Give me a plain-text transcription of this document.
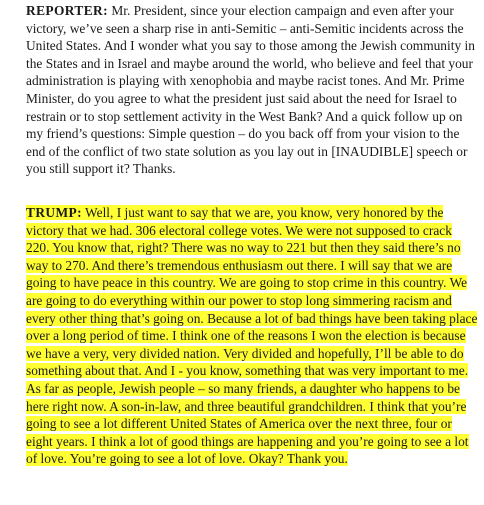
REPORTER: Mr. President, since your election campaign and even after your victory, we’ve seen a sharp rise in anti-Semitic – anti-Semitic incidents across the United States. And I wonder what you say to those among the Jewish community in the States and in Israel and maybe around the world, who believe and feel that your administration is playing with xenophobia and maybe racist tones. And Mr. Prime Minister, do you agree to what the president just said about the need for Israel to restrain or to stop settlement activity in the West Bank? And a quick follow up on my friend’s questions: Simple question – do you back off from your vision to the end of the conflict of two state solution as you lay out in [INAUDIBLE] speech or you still support it? Thanks.

TRUMP: Well, I just want to say that we are, you know, very honored by the victory that we had. 306 electoral college votes. We were not supposed to crack 220. You know that, right? There was no way to 221 but then they said there’s no way to 270. And there’s tremendous enthusiasm out there. I will say that we are going to have peace in this country. We are going to stop crime in this country. We are going to do everything within our power to stop long simmering racism and every other thing that’s going on. Because a lot of bad things have been taking place over a long period of time. I think one of the reasons I won the election is because we have a very, very divided nation. Very divided and hopefully, I’ll be able to do something about that. And I - you know, something that was very important to me.

As far as people, Jewish people – so many friends, a daughter who happens to be here right now. A son-in-law, and three beautiful grandchildren. I think that you’re going to see a lot different United States of America over the next three, four or eight years. I think a lot of good things are happening and you’re going to see a lot of love. You’re going to see a lot of love. Okay? Thank you.
